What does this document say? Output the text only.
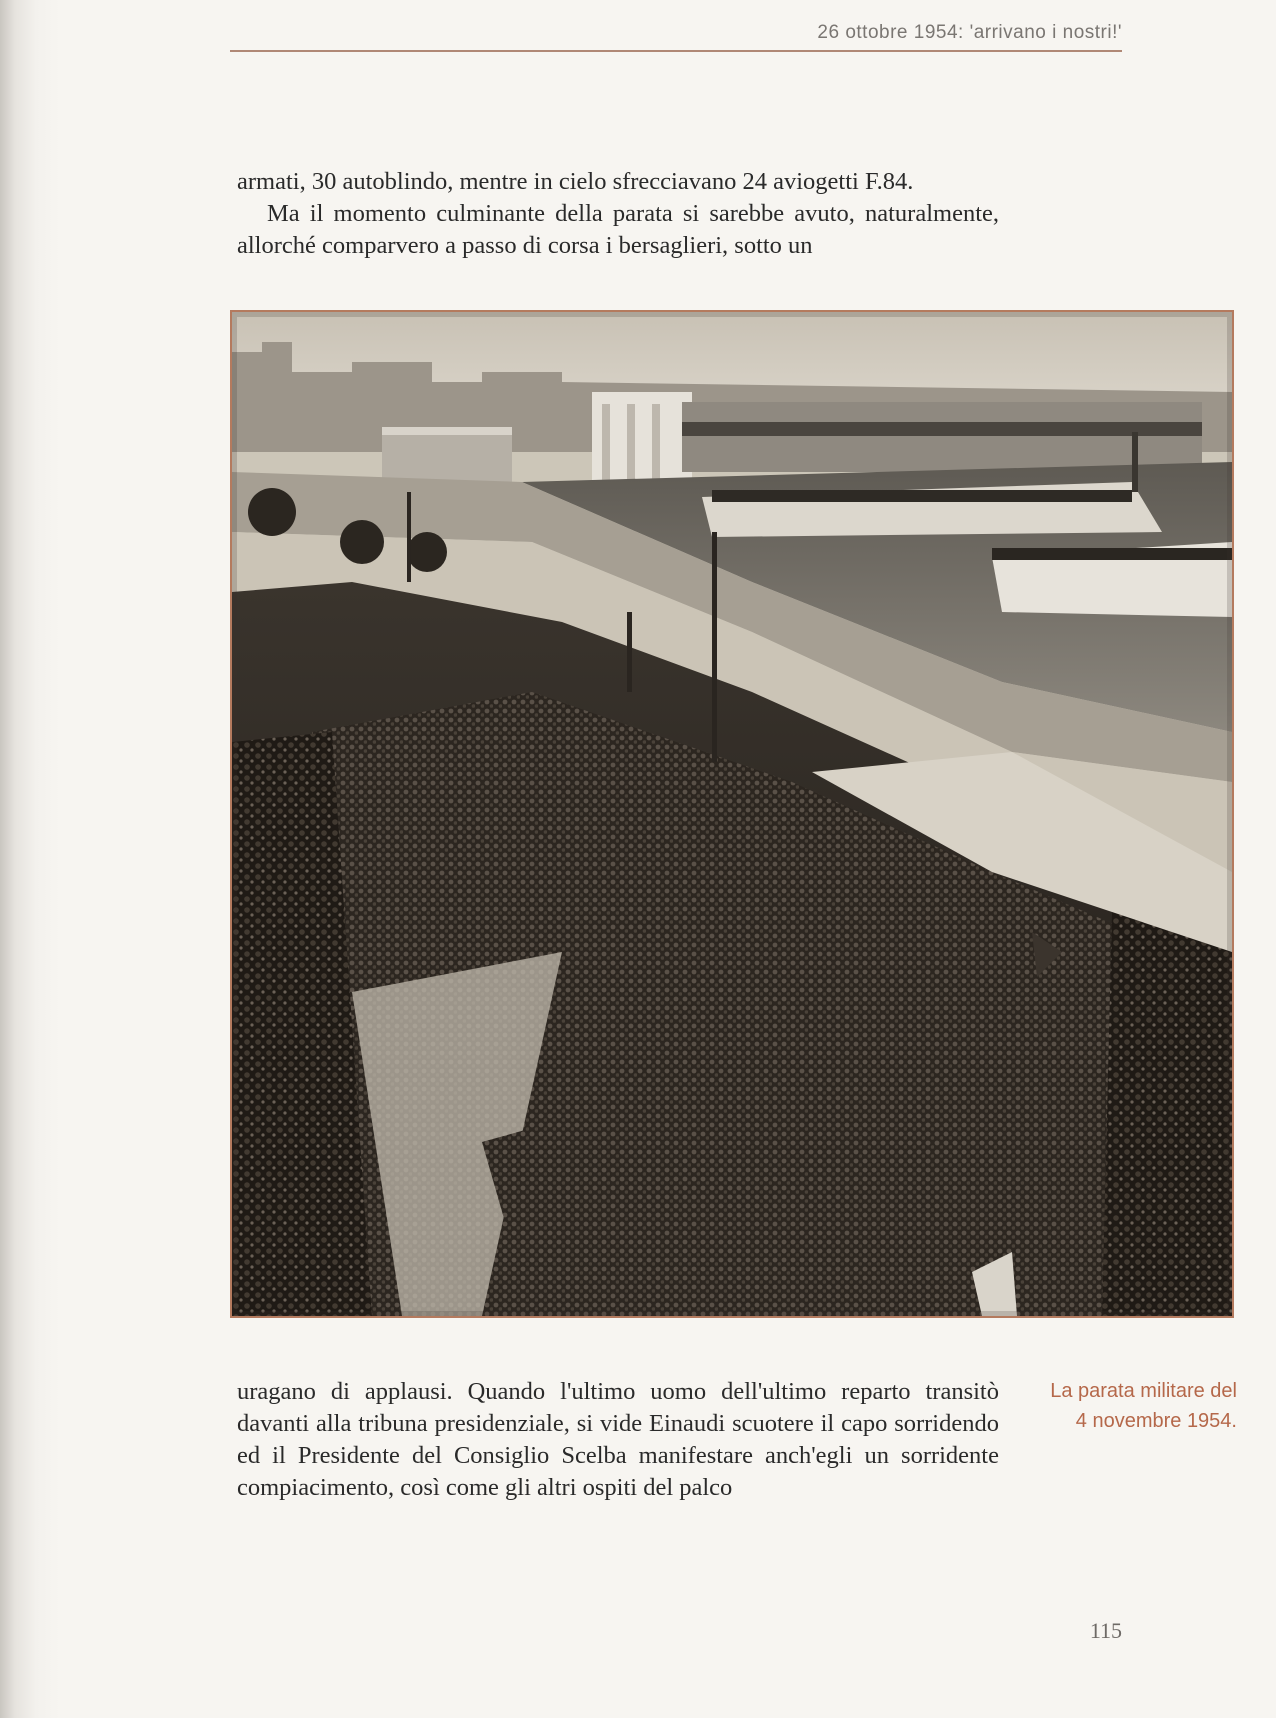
26 ottobre 1954: 'arrivano i nostri!'

armati, 30 autoblindo, mentre in cielo sfrecciavano 24 aviogetti F.84.

Ma il momento culminante della parata si sarebbe avuto, naturalmente, allorché comparvero a passo di corsa i bersaglieri, sotto un

uragano di applausi. Quando l'ultimo uomo dell'ultimo reparto transitò davanti alla tribuna presidenziale, si vide Einaudi scuotere il capo sorridendo ed il Presidente del Consiglio Scelba manifestare anch'egli un sorridente compiacimento, così come gli altri ospiti del palco

La parata militare del
4 novembre 1954.
115
